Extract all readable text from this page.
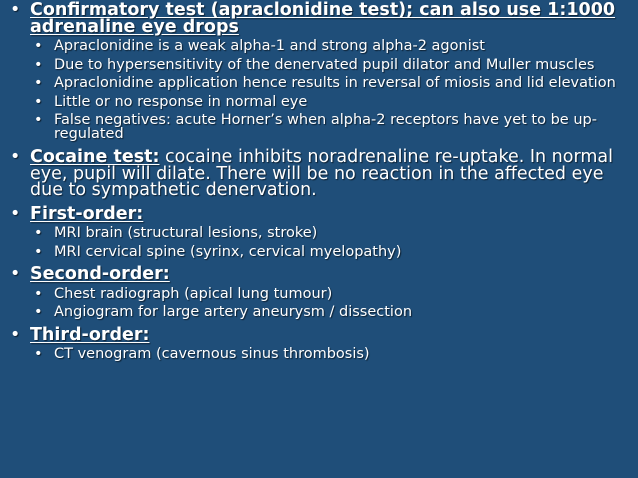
• Confirmatory test (apraclonidine test); can also use 1:1000 adrenaline eye drops
• Apraclonidine is a weak alpha-1 and strong alpha-2 agonist
• Due to hypersensitivity of the denervated pupil dilator and Muller muscles
• Apraclonidine application hence results in reversal of miosis and lid elevation
• Little or no response in normal eye
• False negatives: acute Horner’s when alpha-2 receptors have yet to be up-regulated
• Cocaine test: cocaine inhibits noradrenaline re-uptake. In normal eye, pupil will dilate. There will be no reaction in the affected eye due to sympathetic denervation.
• First-order:
• MRI brain (structural lesions, stroke)
• MRI cervical spine (syrinx, cervical myelopathy)
• Second-order:
• Chest radiograph (apical lung tumour)
• Angiogram for large artery aneurysm / dissection
• Third-order:
• CT venogram (cavernous sinus thrombosis)
